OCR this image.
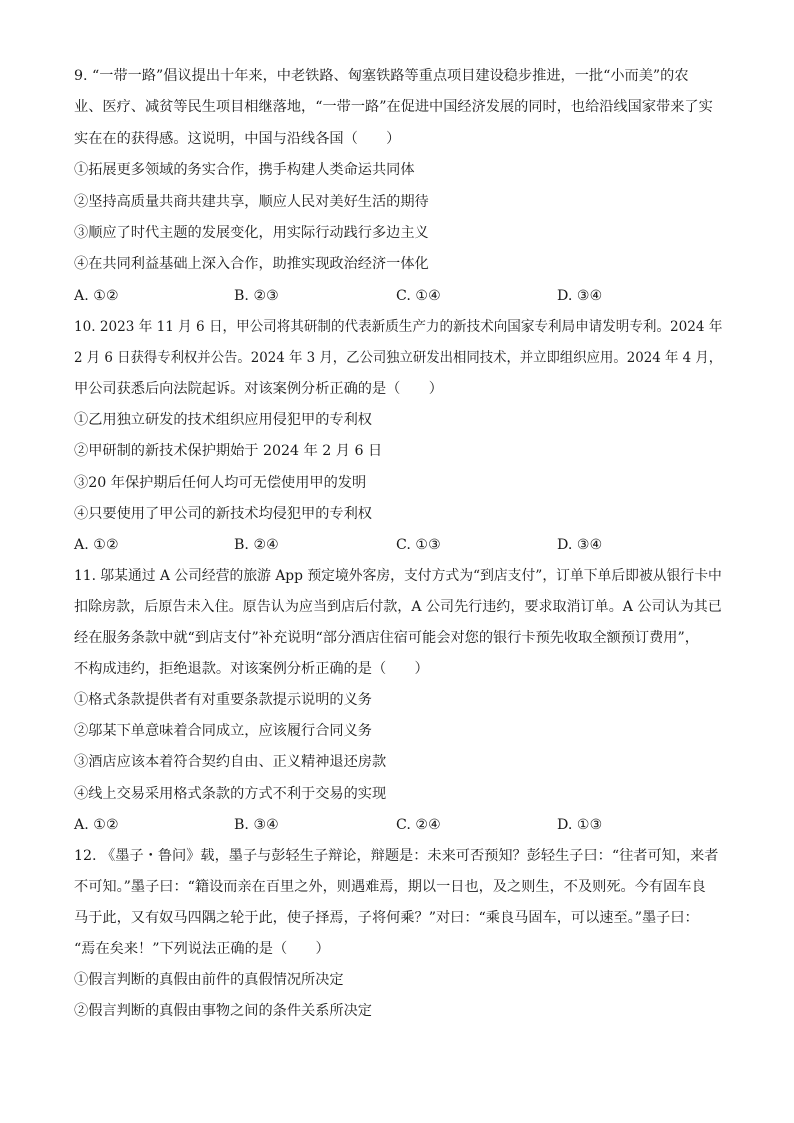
9. “一带一路”倡议提出十年来，中老铁路、匈塞铁路等重点项目建设稳步推进，一批“小而美”的农
业、医疗、减贫等民生项目相继落地，“一带一路”在促进中国经济发展的同时，也给沿线国家带来了实
实在在的获得感。这说明，中国与沿线各国（　　）
①拓展更多领域的务实合作，携手构建人类命运共同体
②坚持高质量共商共建共享，顺应人民对美好生活的期待
③顺应了时代主题的发展变化，用实际行动践行多边主义
④在共同利益基础上深入合作，助推实现政治经济一体化
A. ①②	B. ②③	C. ①④	D. ③④
10. 2023 年 11 月 6 日，甲公司将其研制的代表新质生产力的新技术向国家专利局申请发明专利。2024 年
2 月 6 日获得专利权并公告。2024 年 3 月，乙公司独立研发出相同技术，并立即组织应用。2024 年 4 月，
甲公司获悉后向法院起诉。对该案例分析正确的是（　　）
①乙用独立研发的技术组织应用侵犯甲的专利权
②甲研制的新技术保护期始于 2024 年 2 月 6 日
③20 年保护期后任何人均可无偿使用甲的发明
④只要使用了甲公司的新技术均侵犯甲的专利权
A. ①②	B. ②④	C. ①③	D. ③④
11. 邬某通过 A 公司经营的旅游 App 预定境外客房，支付方式为“到店支付”，订单下单后即被从银行卡中
扣除房款，后原告未入住。原告认为应当到店后付款，A 公司先行违约，要求取消订单。A 公司认为其已
经在服务条款中就“到店支付”补充说明“部分酒店住宿可能会对您的银行卡预先收取全额预订费用”，
不构成违约，拒绝退款。对该案例分析正确的是（　　）
①格式条款提供者有对重要条款提示说明的义务
②邬某下单意味着合同成立，应该履行合同义务
③酒店应该本着符合契约自由、正义精神退还房款
④线上交易采用格式条款的方式不利于交易的实现
A. ①②	B. ③④	C. ②④	D. ①③
12. 《墨子・鲁问》载，墨子与彭轻生子辩论，辩题是：未来可否预知？彭轻生子曰：“往者可知，来者
不可知。”墨子曰：“籍设而亲在百里之外，则遇难焉，期以一日也，及之则生，不及则死。今有固车良
马于此，又有奴马四隅之轮于此，使子择焉，子将何乘？”对曰：“乘良马固车，可以速至。”墨子曰：
“焉在矣来！”下列说法正确的是（　　）
①假言判断的真假由前件的真假情况所决定
②假言判断的真假由事物之间的条件关系所决定
